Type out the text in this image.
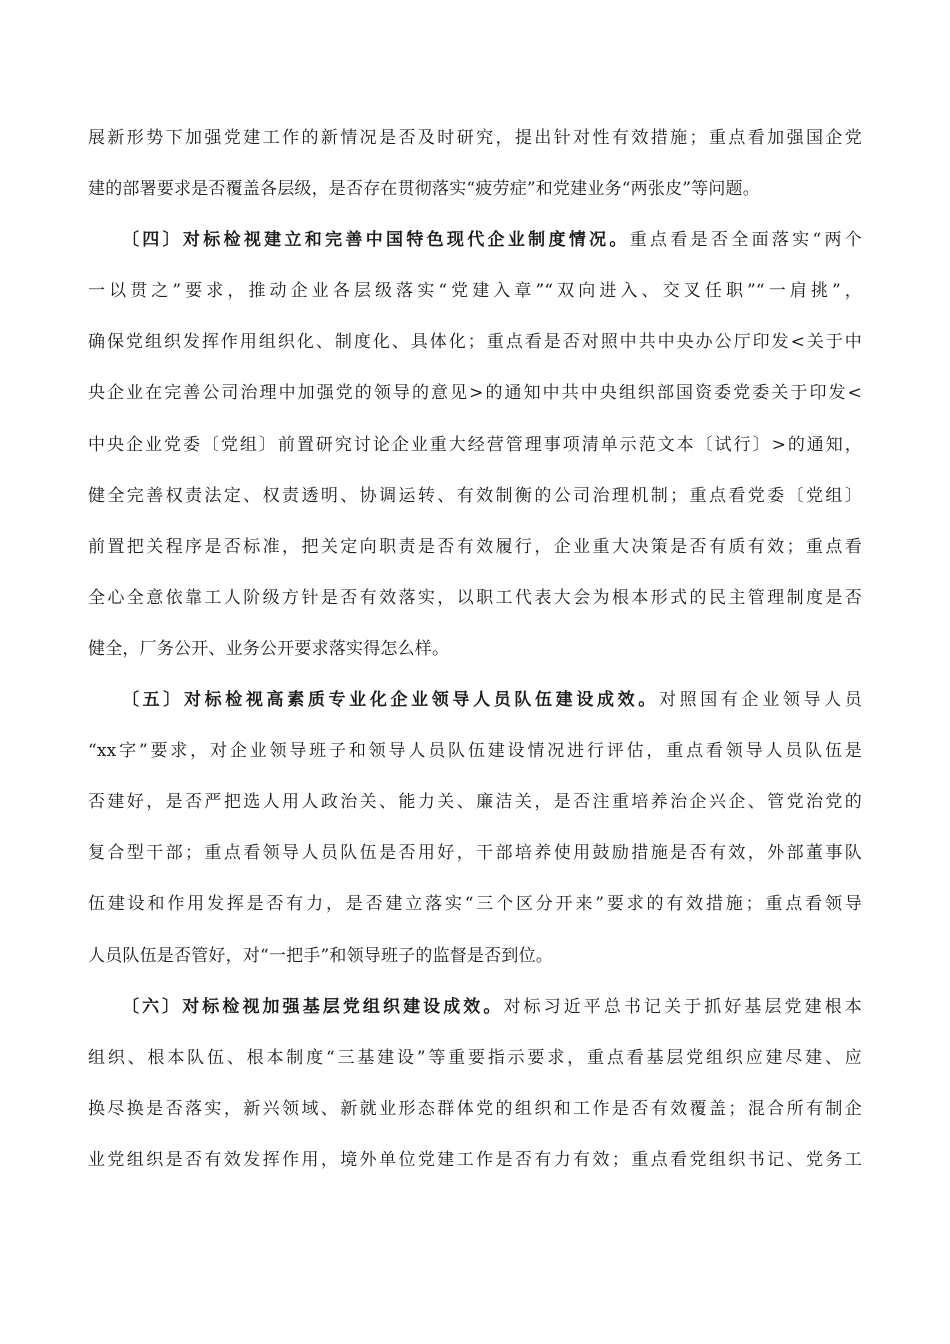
展新形势下加强党建工作的新情况是否及时研究，提出针对性有效措施；重点看加强国企党
建的部署要求是否覆盖各层级，是否存在贯彻落实“疲劳症”和党建业务“两张皮”等问题。
〔四〕对标检视建立和完善中国特色现代企业制度情况。重点看是否全面落实“两个
一以贯之”要求，推动企业各层级落实“党建入章”“双向进入、交叉任职”“一肩挑”，
确保党组织发挥作用组织化、制度化、具体化；重点看是否对照中共中央办公厅印发<关于中
央企业在完善公司治理中加强党的领导的意见>的通知中共中央组织部国资委党委关于印发<
中央企业党委〔党组〕前置研究讨论企业重大经营管理事项清单示范文本〔试行〕>的通知，
健全完善权责法定、权责透明、协调运转、有效制衡的公司治理机制；重点看党委〔党组〕
前置把关程序是否标准，把关定向职责是否有效履行，企业重大决策是否有质有效；重点看
全心全意依靠工人阶级方针是否有效落实，以职工代表大会为根本形式的民主管理制度是否
健全，厂务公开、业务公开要求落实得怎么样。
〔五〕对标检视高素质专业化企业领导人员队伍建设成效。对照国有企业领导人员
“xx字”要求，对企业领导班子和领导人员队伍建设情况进行评估，重点看领导人员队伍是
否建好，是否严把选人用人政治关、能力关、廉洁关，是否注重培养治企兴企、管党治党的
复合型干部；重点看领导人员队伍是否用好，干部培养使用鼓励措施是否有效，外部董事队
伍建设和作用发挥是否有力，是否建立落实“三个区分开来”要求的有效措施；重点看领导
人员队伍是否管好，对“一把手”和领导班子的监督是否到位。
〔六〕对标检视加强基层党组织建设成效。对标习近平总书记关于抓好基层党建根本
组织、根本队伍、根本制度“三基建设”等重要指示要求，重点看基层党组织应建尽建、应
换尽换是否落实，新兴领域、新就业形态群体党的组织和工作是否有效覆盖；混合所有制企
业党组织是否有效发挥作用，境外单位党建工作是否有力有效；重点看党组织书记、党务工
